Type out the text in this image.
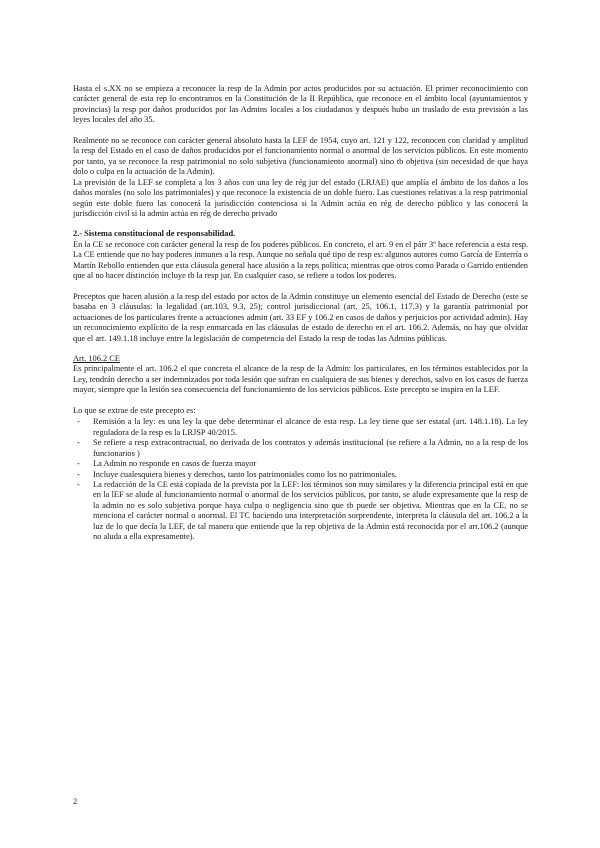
Hasta el s.XX no se empieza a reconocer la resp de la Admin por actos producidos por su actuación. El primer reconocimiento con carácter general de esta rep lo encontramos en la Constitución de la II República, que reconoce en el ámbito local (ayuntamientos y provincias) la resp por daños producidos por las Admins locales a los ciudadanos y después hubo un traslado de esta previsión a las leyes locales del año 35.

Realmente no se reconoce con carácter general absoluto hasta la LEF de 1954, cuyo art. 121 y 122, reconocen con claridad y amplitud la resp del Estado en el caso de daños producidos por el funcionamiento normal o anormal de los servicios públicos. En este momento por tanto, ya se reconoce la resp patrimonial no solo subjetiva (funcionamiento anormal) sino tb objetiva (sin necesidad de que haya dolo o culpa en la actuación de la Admin).

La previsión de la LEF se completa a los 3 años con una ley de rég jur del estado (LRJAE) que amplía el ámbito de los daños a los daños morales (no solo los patrimoniales) y que reconoce la existencia de un doble fuero. Las cuestiones relativas a la resp patrimonial según este doble fuero las conocerá la jurisdicción contenciosa si la Admin actúa en rég de derecho público y las conocerá la jurisdicción civil si la admin actúa en rég de derecho privado

2.- Sistema constitucional de responsabilidad.

En la CE se reconoce con carácter general la resp de los poderes públicos. En concreto, el art. 9 en el párr 3º hace referencia a esta resp. La CE entiende que no hay poderes inmunes a la resp. Aunque no señala qué tipo de resp es: algunos autores como García de Enterría o Martín Rebollo entienden que esta cláusula general hace alusión a la reps política; mientras que otros como Parada o Garrido entienden que al no hacer distinción incluye tb la resp jur. En cualquier caso, se refiere a todos los poderes.

Preceptos que hacen alusión a la resp del estado por actos de la Admin constituye un elemento esencial del Estado de Derecho (este se basaba en 3 cláusulas: la legalidad (art.103, 9.3, 25); control jurisdiccional (art. 25, 106.1, 117.3) y la garantía patrimonial por actuaciones de los particulares frente a actuaciones admin (art. 33 EF y 106.2 en casos de daños y perjuicios por actividad admin). Hay un reconocimiento explícito de la resp enmarcada en las cláusulas de estado de derecho en el art. 106.2. Además, no hay que olvidar que el art. 149.1.18 incluye entre la legislación de competencia del Estado la resp de todas las Admins públicas.

Art. 106.2 CE

Es principalmente el art. 106.2 el que concreta el alcance de la resp de la Admin: los particulares, en los términos establecidos por la Ley, tendrán derecho a ser indemnizados por toda lesión que sufran en cualquiera de sus bienes y derechos, salvo en los casos de fuerza mayor, siempre que la lesión sea consecuencia del funcionamiento de los servicios públicos. Este precepto se inspira en la LEF.

Lo que se extrae de este precepto es:

- Remisión a la ley: es una ley la que debe determinar el alcance de esta resp. La ley tiene que ser estatal (art. 148.1.18). La ley reguladora de la resp es la LRJSP 40/2015.
- Se refiere a resp extracontractual, no derivada de los contratos y además institucional (se refiere a la Admin, no a la resp de los funcionarios )
- La Admin no responde en casos de fuerza mayor
- Incluye cualesquiera bienes y derechos, tanto los patrimoniales como los no patrimoniales.
- La redacción de la CE está copiada de la prevista por la LEF: los términos son muy similares y la diferencia principal está en que en la lEF se alude al funcionamiento normal o anormal de los servicios públicos, por tanto, se alude expresamente que la resp de la admin no es solo subjetiva porque haya culpa o negligencia sino que tb puede ser objetiva. Mientras que en la CE, no se menciona el carácter normal o anormal. El TC haciendo una interpretación sorprendente, interpreta la cláusula del art. 106.2 a la luz de lo que decía la LEF, de tal manera que entiende que la rep objetiva de la Admin está reconocida por el art.106.2 (aunque no aluda a ella expresamente).
2
